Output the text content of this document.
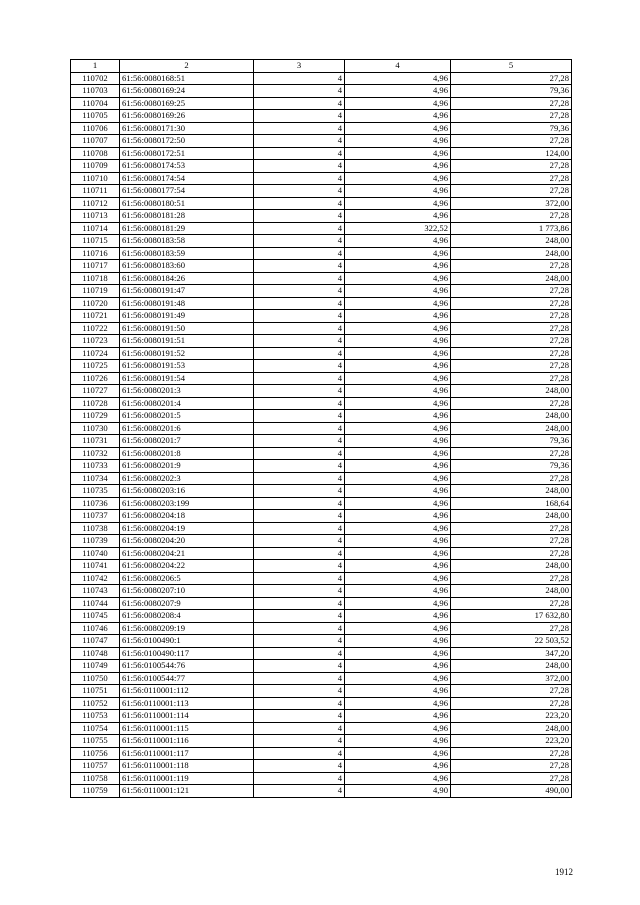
1	2	3	4	5
110702	61:56:0080168:51	4	4,96	27,28
110703	61:56:0080169:24	4	4,96	79,36
110704	61:56:0080169:25	4	4,96	27,28
110705	61:56:0080169:26	4	4,96	27,28
110706	61:56:0080171:30	4	4,96	79,36
110707	61:56:0080172:50	4	4,96	27,28
110708	61:56:0080172:51	4	4,96	124,00
110709	61:56:0080174:53	4	4,96	27,28
110710	61:56:0080174:54	4	4,96	27,28
110711	61:56:0080177:54	4	4,96	27,28
110712	61:56:0080180:51	4	4,96	372,00
110713	61:56:0080181:28	4	4,96	27,28
110714	61:56:0080181:29	4	322,52	1 773,86
110715	61:56:0080183:58	4	4,96	248,00
110716	61:56:0080183:59	4	4,96	248,00
110717	61:56:0080183:60	4	4,96	27,28
110718	61:56:0080184:26	4	4,96	248,00
110719	61:56:0080191:47	4	4,96	27,28
110720	61:56:0080191:48	4	4,96	27,28
110721	61:56:0080191:49	4	4,96	27,28
110722	61:56:0080191:50	4	4,96	27,28
110723	61:56:0080191:51	4	4,96	27,28
110724	61:56:0080191:52	4	4,96	27,28
110725	61:56:0080191:53	4	4,96	27,28
110726	61:56:0080191:54	4	4,96	27,28
110727	61:56:0080201:3	4	4,96	248,00
110728	61:56:0080201:4	4	4,96	27,28
110729	61:56:0080201:5	4	4,96	248,00
110730	61:56:0080201:6	4	4,96	248,00
110731	61:56:0080201:7	4	4,96	79,36
110732	61:56:0080201:8	4	4,96	27,28
110733	61:56:0080201:9	4	4,96	79,36
110734	61:56:0080202:3	4	4,96	27,28
110735	61:56:0080203:16	4	4,96	248,00
110736	61:56:0080203:199	4	4,96	168,64
110737	61:56:0080204:18	4	4,96	248,00
110738	61:56:0080204:19	4	4,96	27,28
110739	61:56:0080204:20	4	4,96	27,28
110740	61:56:0080204:21	4	4,96	27,28
110741	61:56:0080204:22	4	4,96	248,00
110742	61:56:0080206:5	4	4,96	27,28
110743	61:56:0080207:10	4	4,96	248,00
110744	61:56:0080207:9	4	4,96	27,28
110745	61:56:0080208:4	4	4,96	17 632,80
110746	61:56:0080209:19	4	4,96	27,28
110747	61:56:0100490:1	4	4,96	22 503,52
110748	61:56:0100490:117	4	4,96	347,20
110749	61:56:0100544:76	4	4,96	248,00
110750	61:56:0100544:77	4	4,96	372,00
110751	61:56:0110001:112	4	4,96	27,28
110752	61:56:0110001:113	4	4,96	27,28
110753	61:56:0110001:114	4	4,96	223,20
110754	61:56:0110001:115	4	4,96	248,00
110755	61:56:0110001:116	4	4,96	223,20
110756	61:56:0110001:117	4	4,96	27,28
110757	61:56:0110001:118	4	4,96	27,28
110758	61:56:0110001:119	4	4,96	27,28
110759	61:56:0110001:121	4	4,90	490,00
1912
